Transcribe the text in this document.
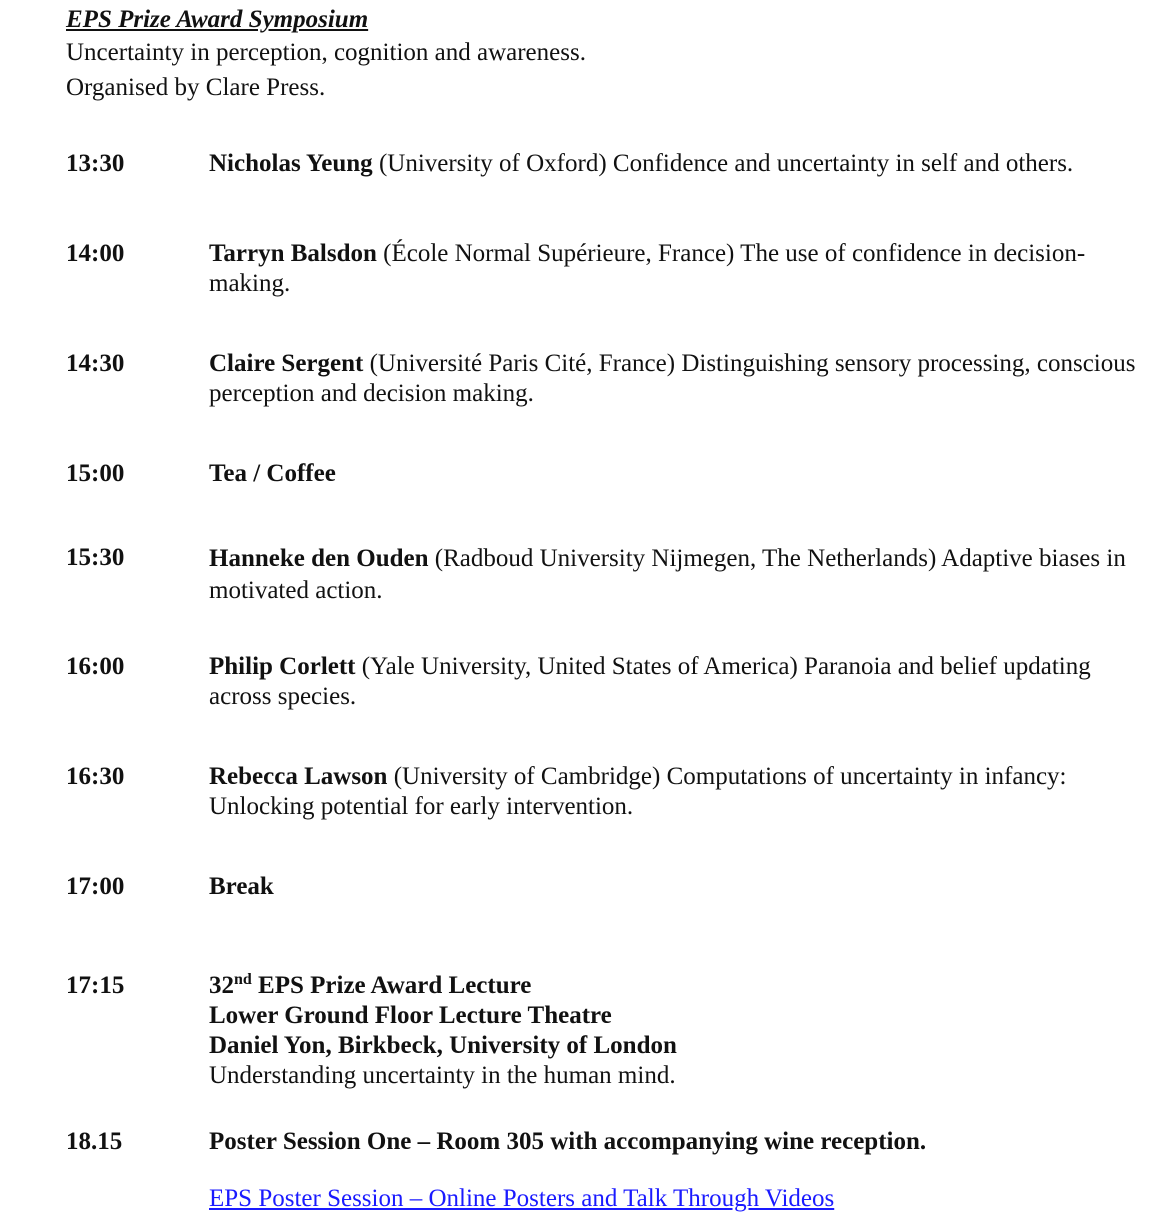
EPS Prize Award Symposium

Uncertainty in perception, cognition and awareness.

Organised by Clare Press.

13:30	Nicholas Yeung (University of Oxford) Confidence and uncertainty in self and others.
14:00	Tarryn Balsdon (École Normal Supérieure, France) The use of confidence in decision-making.
14:30	Claire Sergent (Université Paris Cité, France) Distinguishing sensory processing, conscious perception and decision making.
15:00	Tea / Coffee
15:30	Hanneke den Ouden (Radboud University Nijmegen, The Netherlands) Adaptive biases in motivated action.
16:00	Philip Corlett (Yale University, United States of America) Paranoia and belief updating across species.
16:30	Rebecca Lawson (University of Cambridge) Computations of uncertainty in infancy: Unlocking potential for early intervention.
17:00	Break
17:15	32nd EPS Prize Award Lecture
Lower Ground Floor Lecture Theatre
Daniel Yon, Birkbeck, University of London
Understanding uncertainty in the human mind.
18.15	Poster Session One – Room 305 with accompanying wine reception.
EPS Poster Session – Online Posters and Talk Through Videos
